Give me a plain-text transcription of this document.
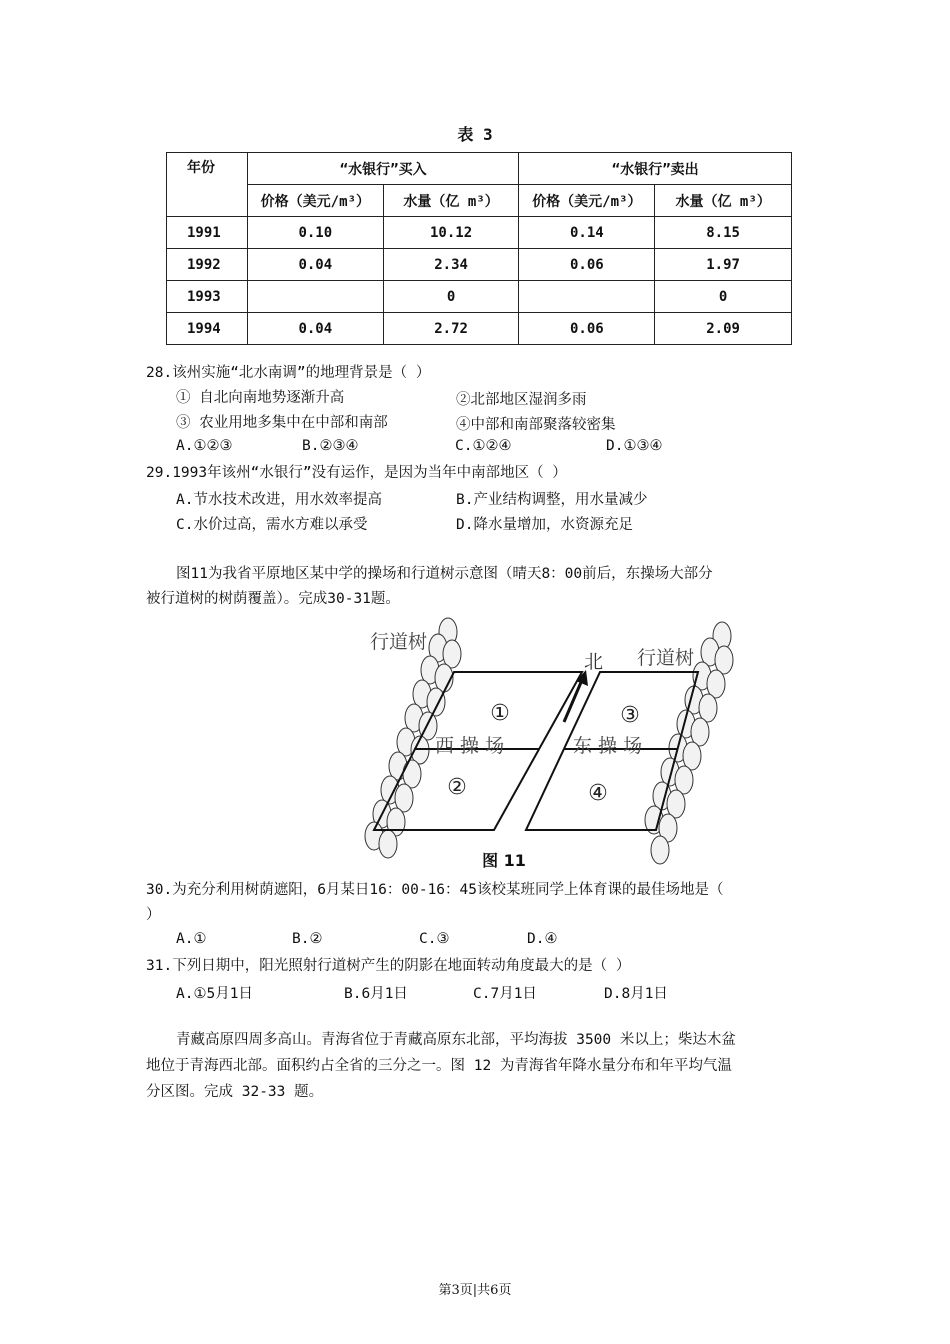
表 3
年份	“水银行”买入		“水银行”卖出	
	价格（美元/m³）	水量（亿 m³）	价格（美元/m³）	水量（亿 m³）
1991	0.10	10.12	0.14	8.15
1992	0.04	2.34	0.06	1.97
1993		0		0
1994	0.04	2.72	0.06	2.09
28.该州实施“北水南调”的地理背景是（ ）
① 自北向南地势逐渐升高	②北部地区湿润多雨
③ 农业用地多集中在中部和南部	④中部和南部聚落较密集
A.①②③	B.②③④	C.①②④	D.①③④
29.1993年该州“水银行”没有运作，是因为当年中南部地区（ ）
A.节水技术改进，用水效率提高	B.产业结构调整，用水量减少
C.水价过高，需水方难以承受	D.降水量增加，水资源充足
图11为我省平原地区某中学的操场和行道树示意图（晴天8：00前后，东操场大部分
被行道树的树荫覆盖）。完成30-31题。
行道树
行道树
北
西 操 场	东 操 场
①
②
③
④
图 11
30.为充分利用树荫遮阳，6月某日16：00-16：45该校某班同学上体育课的最佳场地是（
）
A.①	B.②	C.③	D.④
31.下列日期中，阳光照射行道树产生的阴影在地面转动角度最大的是（ ）
A.①5月1日	B.6月1日	C.7月1日	D.8月1日
青藏高原四周多高山。青海省位于青藏高原东北部，平均海拔 3500 米以上；柴达木盆
地位于青海西北部。面积约占全省的三分之一。图 12 为青海省年降水量分布和年平均气温
分区图。完成 32-33 题。
第3页|共6页
